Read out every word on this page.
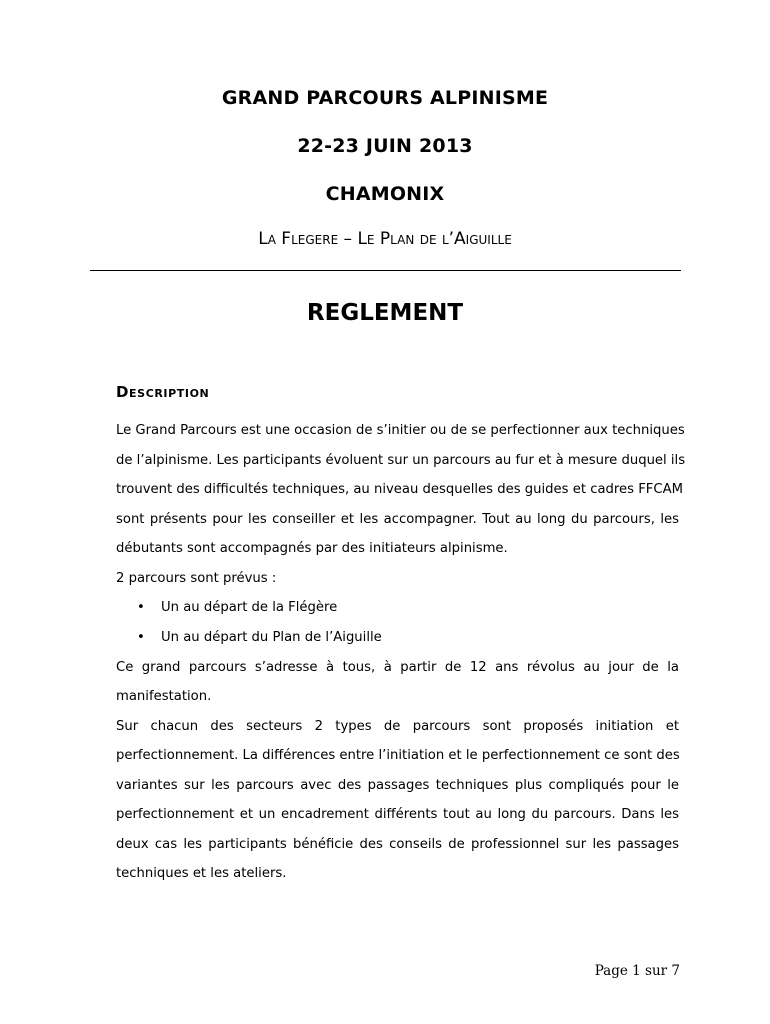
GRAND PARCOURS ALPINISME
22-23 JUIN 2013
CHAMONIX
La Flegere – Le Plan de l’Aiguille
REGLEMENT
Description
Le Grand Parcours est une occasion de s’initier ou de se perfectionner aux techniques
de l’alpinisme. Les participants évoluent sur un parcours au fur et à mesure duquel ils
trouvent des difficultés techniques, au niveau desquelles des guides et cadres FFCAM
sont présents pour les conseiller et les accompagner. Tout au long du parcours, les
débutants sont accompagnés par des initiateurs alpinisme.
2 parcours sont prévus :
• Un au départ de la Flégère
• Un au départ du Plan de l’Aiguille
Ce grand parcours s’adresse à tous, à partir de 12 ans révolus au jour de la
manifestation.
Sur chacun des secteurs 2 types de parcours sont proposés initiation et
perfectionnement. La différences entre l’initiation et le perfectionnement ce sont des
variantes sur les parcours avec des passages techniques plus compliqués pour le
perfectionnement et un encadrement différents tout au long du parcours. Dans les
deux cas les participants bénéficie des conseils de professionnel sur les passages
techniques et les ateliers.
Page 1 sur 7
